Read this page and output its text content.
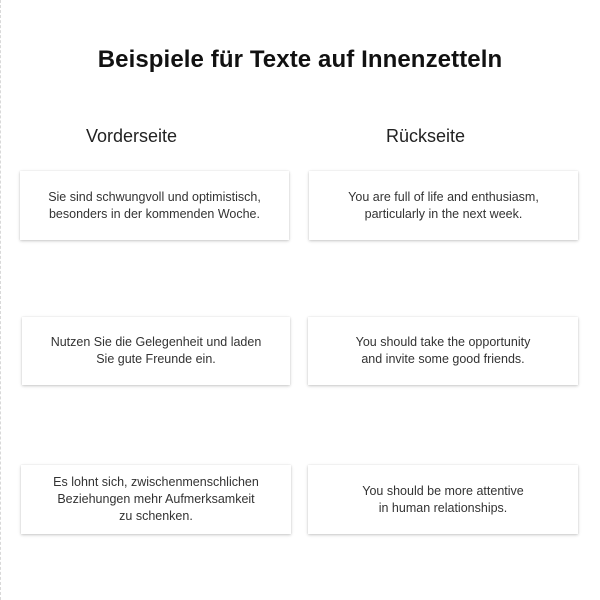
Beispiele für Texte auf Innenzetteln
Vorderseite	Rückseite
Sie sind schwungvoll und optimistisch,
besonders in der kommenden Woche.
You are full of life and enthusiasm,
particularly in the next week.
Nutzen Sie die Gelegenheit und laden
Sie gute Freunde ein.
You should take the opportunity
and invite some good friends.
Es lohnt sich, zwischenmenschlichen
Beziehungen mehr Aufmerksamkeit
zu schenken.
You should be more attentive
in human relationships.
